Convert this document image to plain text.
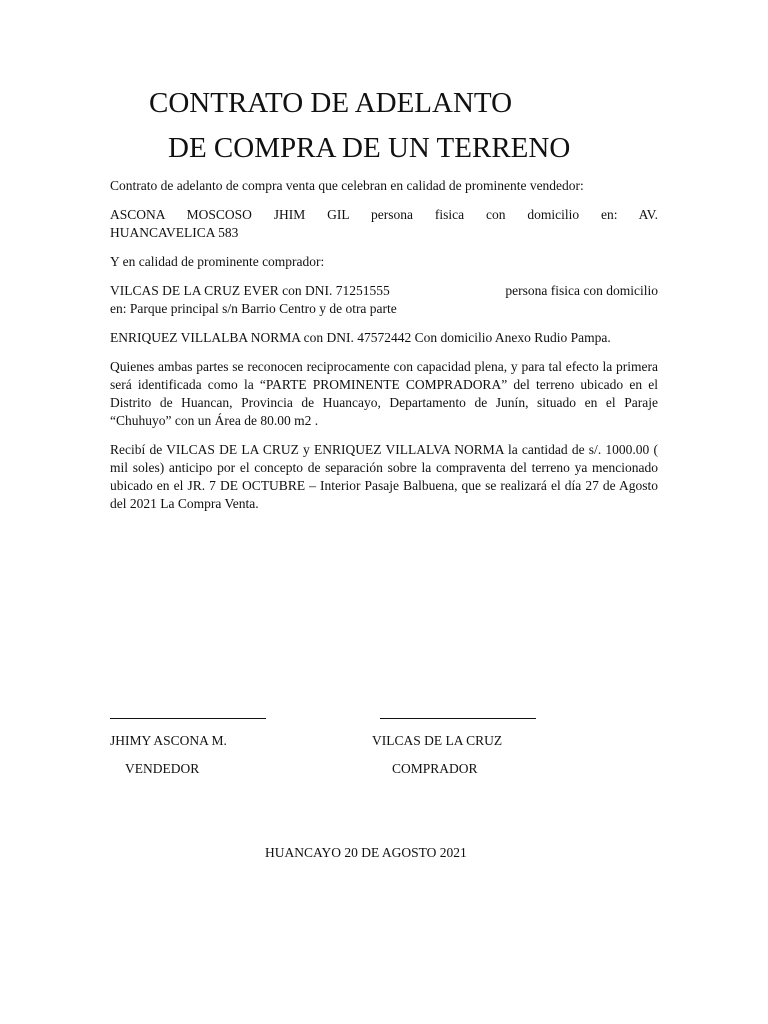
CONTRATO DE ADELANTO
DE COMPRA DE UN TERRENO

Contrato de adelanto de compra venta que celebran en calidad de prominente vendedor:

ASCONA MOSCOSO JHIM GIL persona fisica con domicilio en: AV.
HUANCAVELICA 583

Y en calidad de prominente comprador:

VILCAS DE LA CRUZ EVER con DNI. 71251555	persona fisica con domicilio
en: Parque principal s/n Barrio Centro y de otra parte

ENRIQUEZ VILLALBA NORMA con DNI. 47572442 Con domicilio Anexo Rudio Pampa.

Quienes ambas partes se reconocen reciprocamente con capacidad plena, y para tal efecto la primera será identificada como la “PARTE PROMINENTE COMPRADORA” del terreno ubicado en el Distrito de Huancan, Provincia de Huancayo, Departamento de Junín, situado en el Paraje “Chuhuyo” con un Área de 80.00 m2 .

Recibí de VILCAS DE LA CRUZ y ENRIQUEZ VILLALVA NORMA la cantidad de s/. 1000.00 ( mil soles) anticipo por el concepto de separación sobre la compraventa del terreno ya mencionado ubicado en el JR. 7 DE OCTUBRE – Interior Pasaje Balbuena, que se realizará el día 27 de Agosto del 2021 La Compra Venta.

JHIMY ASCONA M.	VILCAS DE LA CRUZ
VENDEDOR	COMPRADOR
HUANCAYO 20 DE AGOSTO 2021
